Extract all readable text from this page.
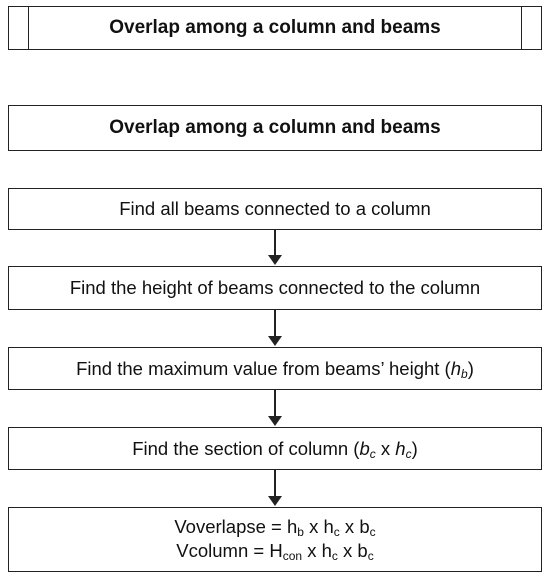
Overlap among a column and beams
Overlap among a column and beams
Find all beams connected to a column
Find the height of beams connected to the column
Find the maximum value from beams’ height $(h_b)$
Find the section of column ($b_c$ x $h_c$)
Voverlapse = $h_b$ x $h_c$ x $b_c$
Vcolumn = $H_{con}$ x $h_c$ x $b_c$
